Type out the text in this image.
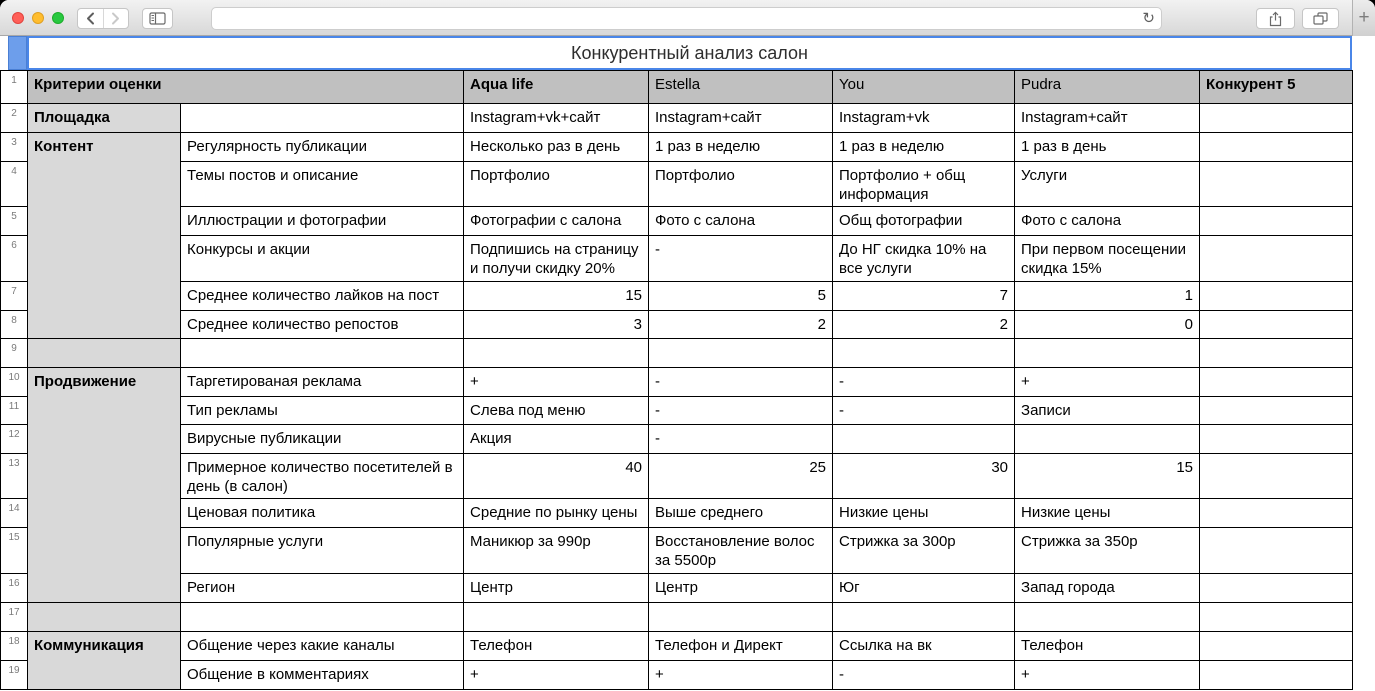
↻	+
Конкурентный анализ салон
1	Критерии оценки		Aqua life	Estella	You	Pudra	Конкурент 5
2	Площадка		Instagram+vk+сайт	Instagram+сайт	Instagram+vk	Instagram+сайт	
3	Контент	Регулярность публикации	Несколько раз в день	1 раз в неделю	1 раз в неделю	1 раз в день	
4		Темы постов и описание	Портфолио	Портфолио	Портфолио + общ информация	Услуги	
5		Иллюстрации и фотографии	Фотографии с салона	Фото с салона	Общ фотографии	Фото с салона	
6		Конкурсы и акции	Подпишись на страницу и получи скидку 20%	-	До НГ скидка 10% на все услуги	При первом посещении скидка 15%	
7		Среднее количество лайков на пост	15	5	7	1	
8		Среднее количество репостов	3	2	2	0	
9							
10	Продвижение	Таргетированая реклама	+	-	-	+	
11		Тип рекламы	Слева под меню	-	-	Записи	
12		Вирусные публикации	Акция	-			
13		Примерное количество посетителей в день (в салон)	40	25	30	15	
14		Ценовая политика	Средние по рынку цены	Выше среднего	Низкие цены	Низкие цены	
15		Популярные услуги	Маникюр за 990р	Восстановление волос за 5500р	Стрижка за 300р	Стрижка за 350р	
16		Регион	Центр	Центр	Юг	Запад города	
17							
18	Коммуникация	Общение через какие каналы	Телефон	Телефон и Директ	Ссылка на вк	Телефон	
19		Общение в комментариях	+	+	-	+	
